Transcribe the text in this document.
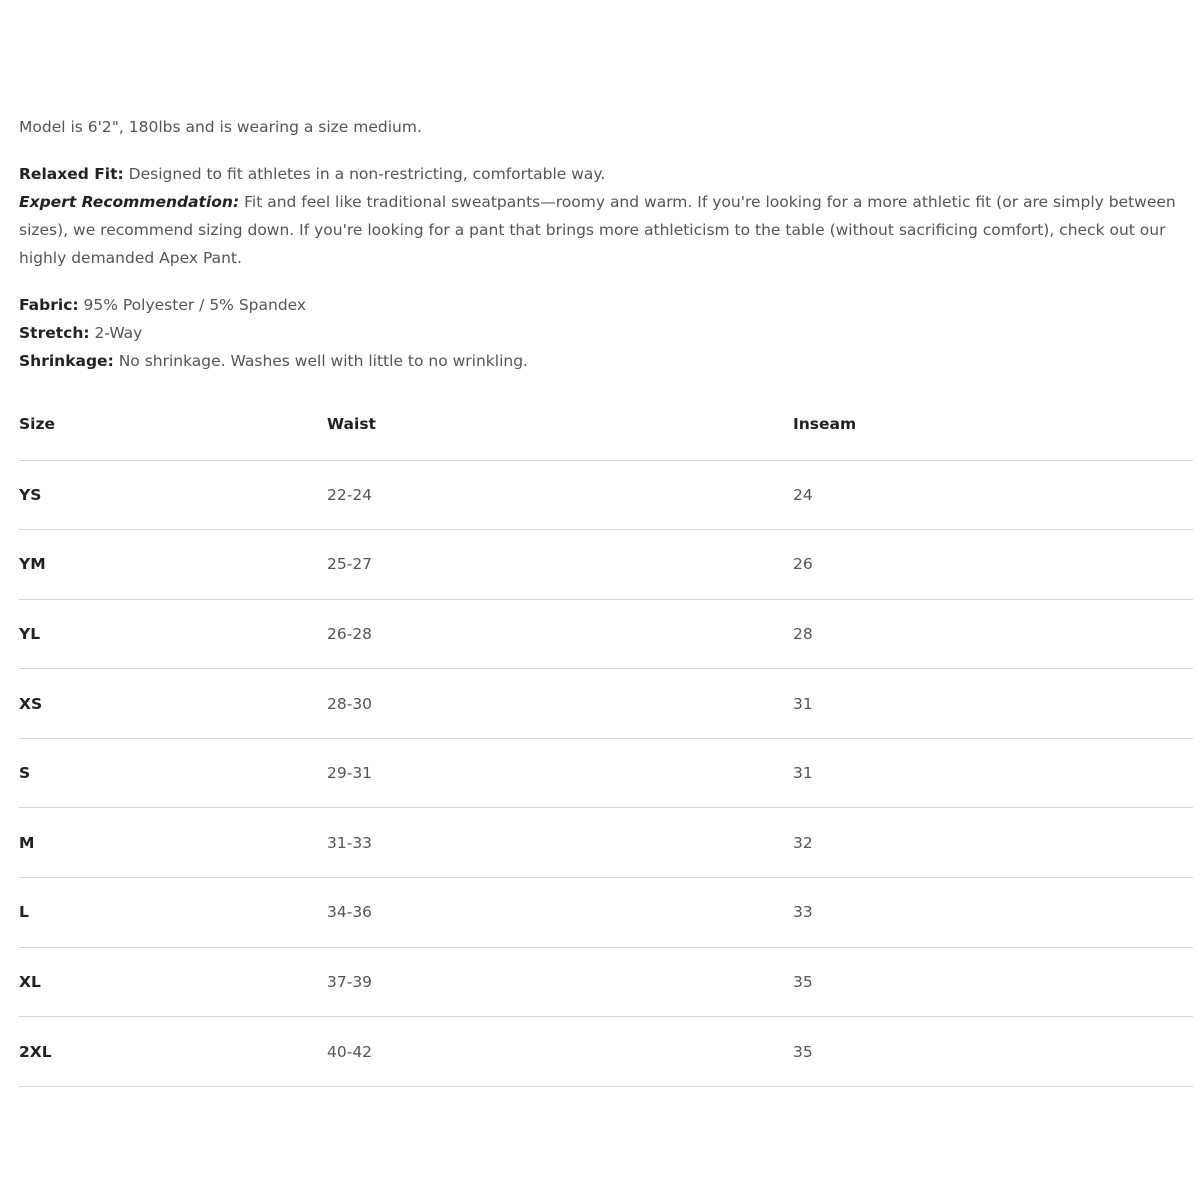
Model is 6'2", 180lbs and is wearing a size medium.

Relaxed Fit: Designed to fit athletes in a non-restricting, comfortable way.

Expert Recommendation: Fit and feel like traditional sweatpants—roomy and warm. If you're looking for a more athletic fit (or are simply between sizes), we recommend sizing down. If you're looking for a pant that brings more athleticism to the table (without sacrificing comfort), check out our highly demanded Apex Pant.

Fabric: 95% Polyester / 5% Spandex

Stretch: 2-Way

Shrinkage: No shrinkage. Washes well with little to no wrinkling.

Size	Waist	Inseam
YS	22-24	24
YM	25-27	26
YL	26-28	28
XS	28-30	31
S	29-31	31
M	31-33	32
L	34-36	33
XL	37-39	35
2XL	40-42	35
